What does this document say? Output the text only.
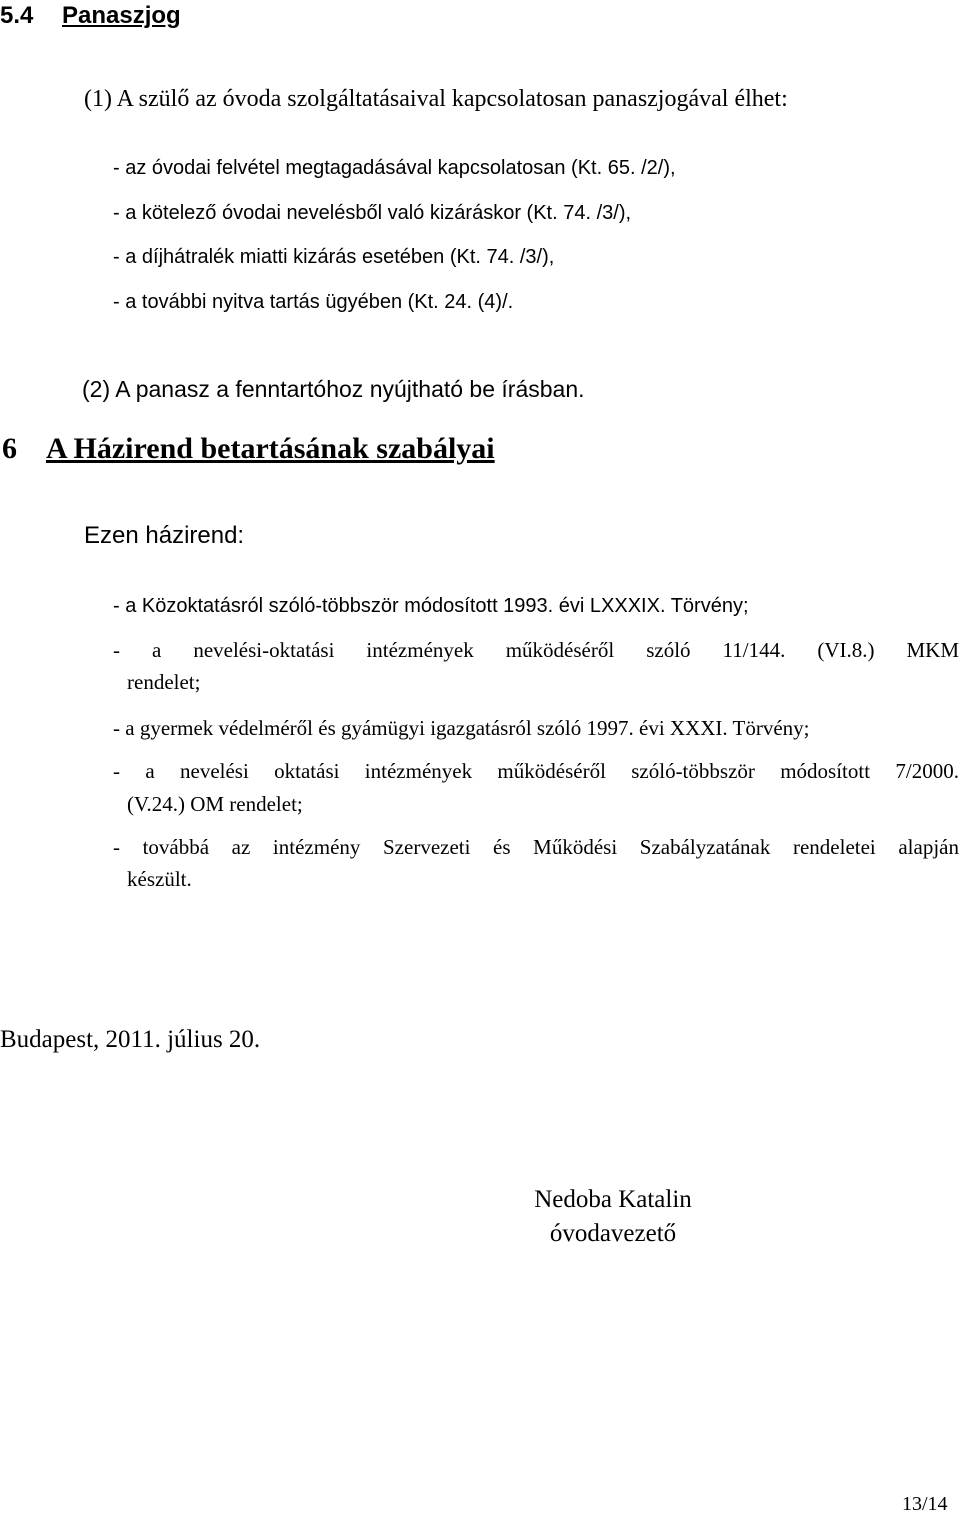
5.4 Panaszjog
(1) A szülő az óvoda szolgáltatásaival kapcsolatosan panaszjogával élhet:
- az óvodai felvétel megtagadásával kapcsolatosan (Kt. 65. /2/),
- a kötelező óvodai nevelésből való kizáráskor (Kt. 74. /3/),
- a díjhátralék miatti kizárás esetében (Kt. 74. /3/),
- a további nyitva tartás ügyében (Kt. 24. (4)/.
(2) A panasz a fenntartóhoz nyújtható be írásban.
6 A Házirend betartásának szabályai
Ezen házirend:
- a Közoktatásról szóló-többször módosított 1993. évi LXXXIX. Törvény;
- a nevelési-oktatási intézmények működéséről szóló 11/144. (VI.8.) MKM
rendelet;
- a gyermek védelméről és gyámügyi igazgatásról szóló 1997. évi XXXI. Törvény;
- a nevelési oktatási intézmények működéséről szóló-többször módosított 7/2000.
(V.24.) OM rendelet;
- továbbá az intézmény Szervezeti és Működési Szabályzatának rendeletei alapján
készült.
Budapest, 2011. július 20.
Nedoba Katalin
óvodavezető
13/14
